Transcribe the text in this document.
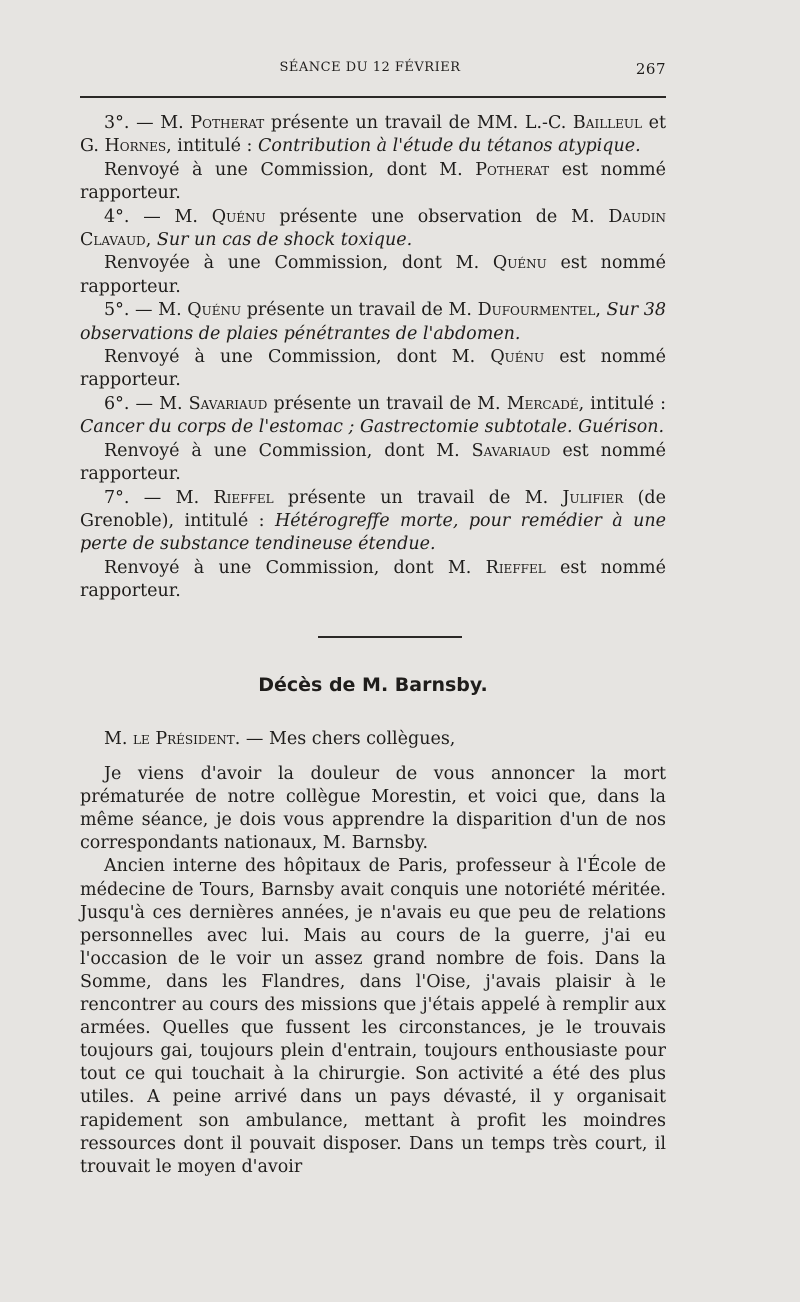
SÉANCE DU 12 FÉVRIER	267

3°. — M. Potherat présente un travail de MM. L.-C. Bailleul et G. Hornes, intitulé : Contribution à l'étude du tétanos atypique.

Renvoyé à une Commission, dont M. Potherat est nommé rapporteur.

4°. — M. Quénu présente une observation de M. Daudin Clavaud, Sur un cas de shock toxique.

Renvoyée à une Commission, dont M. Quénu est nommé rapporteur.

5°. — M. Quénu présente un travail de M. Dufourmentel, Sur 38 observations de plaies pénétrantes de l'abdomen.

Renvoyé à une Commission, dont M. Quénu est nommé rapporteur.

6°. — M. Savariaud présente un travail de M. Mercadé, intitulé : Cancer du corps de l'estomac ; Gastrectomie subtotale. Guérison.

Renvoyé à une Commission, dont M. Savariaud est nommé rapporteur.

7°. — M. Rieffel présente un travail de M. Julifier (de Grenoble), intitulé : Hétérogreffe morte, pour remédier à une perte de substance tendineuse étendue.

Renvoyé à une Commission, dont M. Rieffel est nommé rapporteur.

Décès de M. Barnsby.

M. le Président. — Mes chers collègues,

Je viens d'avoir la douleur de vous annoncer la mort prématurée de notre collègue Morestin, et voici que, dans la même séance, je dois vous apprendre la disparition d'un de nos correspondants nationaux, M. Barnsby.

Ancien interne des hôpitaux de Paris, professeur à l'École de médecine de Tours, Barnsby avait conquis une notoriété méritée. Jusqu'à ces dernières années, je n'avais eu que peu de relations personnelles avec lui. Mais au cours de la guerre, j'ai eu l'occasion de le voir un assez grand nombre de fois. Dans la Somme, dans les Flandres, dans l'Oise, j'avais plaisir à le rencontrer au cours des missions que j'étais appelé à remplir aux armées. Quelles que fussent les circonstances, je le trouvais toujours gai, toujours plein d'entrain, toujours enthousiaste pour tout ce qui touchait à la chirurgie. Son activité a été des plus utiles. A peine arrivé dans un pays dévasté, il y organisait rapidement son ambulance, mettant à profit les moindres ressources dont il pouvait disposer. Dans un temps très court, il trouvait le moyen d'avoir
